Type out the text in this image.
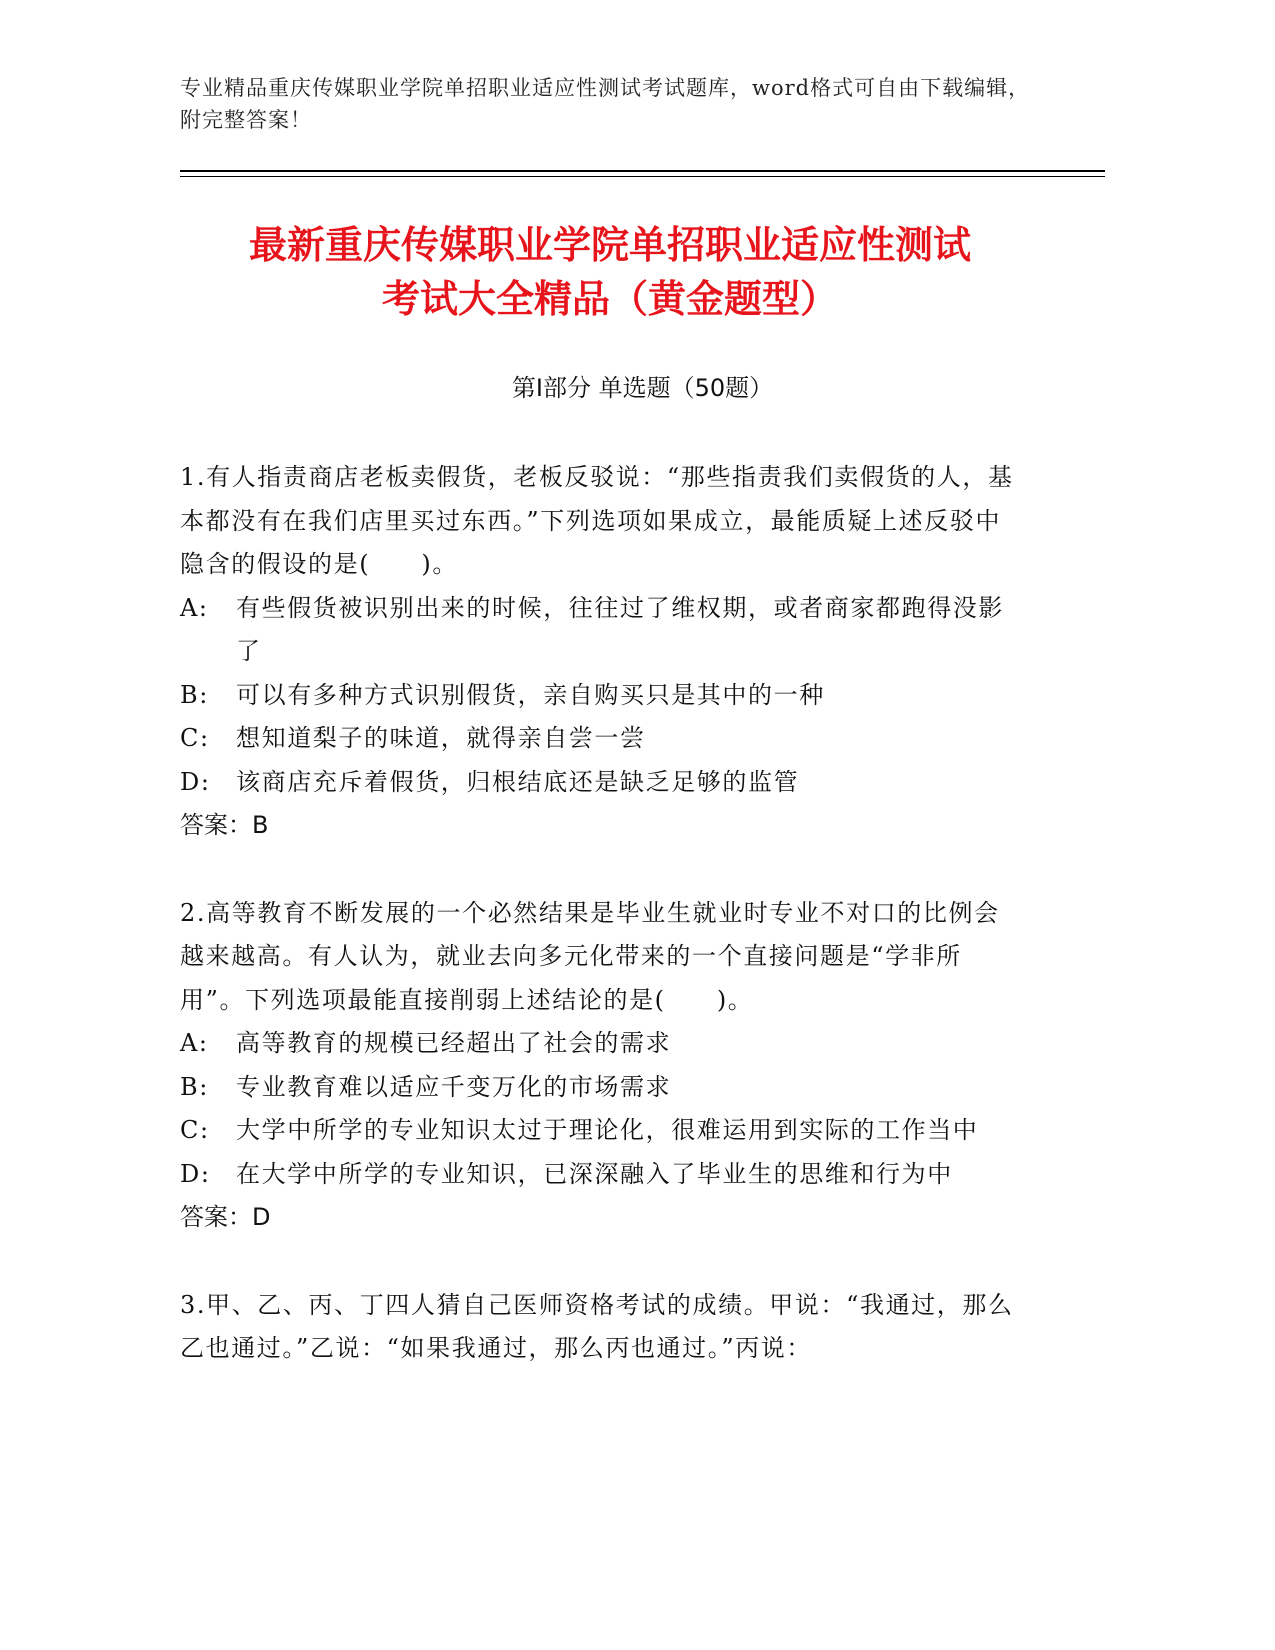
专业精品重庆传媒职业学院单招职业适应性测试考试题库，word格式可自由下载编辑，附完整答案！
最新重庆传媒职业学院单招职业适应性测试
考试大全精品（黄金题型）
第Ⅰ部分 单选题（50题）
1.有人指责商店老板卖假货，老板反驳说：“那些指责我们卖假货的人，基本都没有在我们店里买过东西。”下列选项如果成立，最能质疑上述反驳中隐含的假设的是(　　)。
A:	有些假货被识别出来的时候，往往过了维权期，或者商家都跑得没影了
B:	可以有多种方式识别假货，亲自购买只是其中的一种
C:	想知道梨子的味道，就得亲自尝一尝
D:	该商店充斥着假货，归根结底还是缺乏足够的监管
答案：B
2.高等教育不断发展的一个必然结果是毕业生就业时专业不对口的比例会越来越高。有人认为，就业去向多元化带来的一个直接问题是“学非所用”。下列选项最能直接削弱上述结论的是(　　)。
A:	高等教育的规模已经超出了社会的需求
B:	专业教育难以适应千变万化的市场需求
C:	大学中所学的专业知识太过于理论化，很难运用到实际的工作当中
D:	在大学中所学的专业知识，已深深融入了毕业生的思维和行为中
答案：D
3.甲、乙、丙、丁四人猜自己医师资格考试的成绩。甲说：“我通过，那么乙也通过。”乙说：“如果我通过，那么丙也通过。”丙说：
